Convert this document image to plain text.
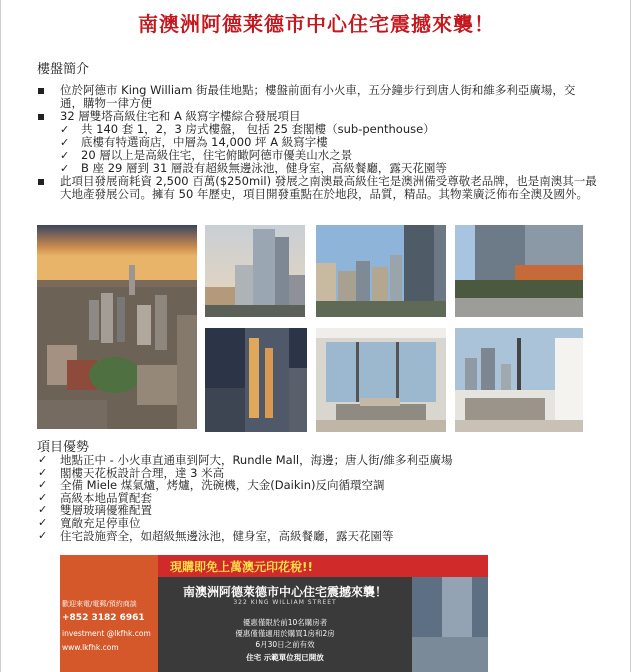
南澳洲阿德莱德市中心住宅震撼來襲！
樓盤簡介
位於阿德市 King William 街最佳地點；樓盤前面有小火車，五分鐘步行到唐人街和維多利亞廣場，交通，購物一律方便
32 層雙塔高級住宅和 A 級寫字樓綜合發展項目
✓ 共 140 套 1，2，3 房式樓盤， 包括 25 套閣樓（sub-penthouse）
✓ 底樓有特選商店，中層為 14,000 坪 A 級寫字樓
✓ 20 層以上是高級住宅，住宅俯瞰阿德市優美山水之景
✓ B 座 29 層到 31 層設有超級無邊泳池，健身室，高級餐廳，露天花園等
此項目發展商耗資 2,500 百萬($250mil) 發展之南澳最高級住宅是澳洲備受尊敬老品牌，也是南澳其一最大地產發展公司。擁有 50 年歷史，項目開發重點在於地段，品質，精品。其物業廣泛佈布全澳及國外。
項目優勢
✓ 地點正中 - 小火車直通車到阿大，Rundle Mall，海邊；唐人街/維多利亞廣場
✓ 閣樓天花板設計合理，達 3 米高
✓ 全備 Miele 煤氣爐，烤爐，洗碗機，大金(Daikin)反向循環空調
✓ 高級本地品質配套
✓ 雙層玻璃優雅配置
✓ 寬敞充足停車位
✓ 住宅設施齊全，如超級無邊泳池，健身室，高級餐廳，露天花園等
現購即免上萬澳元印花稅!!
南澳洲阿德萊德市中心住宅震撼來襲！
322 KING WILLIAM STREET
優惠僅限於前10名購房者
優惠僅僅適用於購買1房和2房
6月30日之前有效
住宅 示範單位現已開放
歡迎來電/電郵/預約商談
+852 3182 6961
investment @lkfhk.com
www.lkfhk.com
